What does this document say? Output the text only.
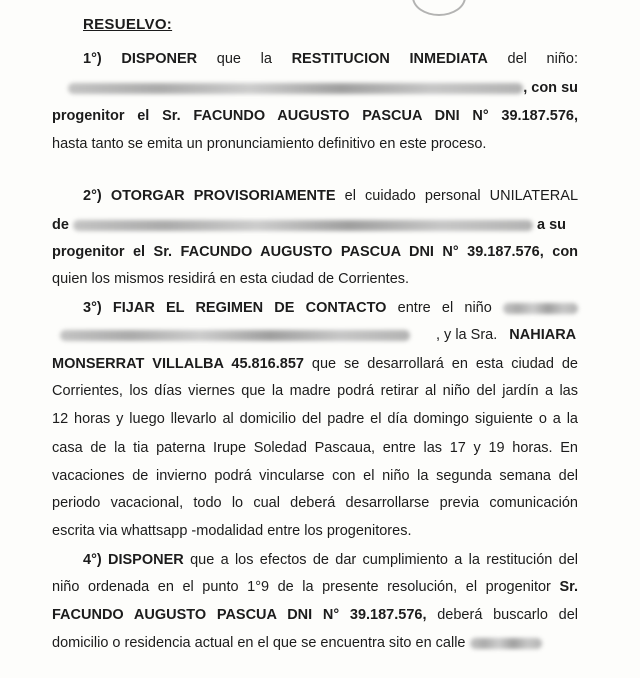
RESUELVO:
1°) DISPONER que la RESTITUCION INMEDIATA del niño:
, con su
progenitor el Sr. FACUNDO AUGUSTO PASCUA DNI N° 39.187.576,
hasta tanto se emita un pronunciamiento definitivo en este proceso.
2°) OTORGAR PROVISORIAMENTE el cuidado personal UNILATERAL
de	a su
progenitor el Sr. FACUNDO AUGUSTO PASCUA DNI N° 39.187.576, con
quien los mismos residirá en esta ciudad de Corrientes.
3°) FIJAR EL REGIMEN DE CONTACTO entre el niño
, y la Sra. NAHIARA
MONSERRAT VILLALBA 45.816.857 que se desarrollará en esta ciudad de
Corrientes, los días viernes que la madre podrá retirar al niño del jardín a las
12 horas y luego llevarlo al domicilio del padre el día domingo siguiente o a la
casa de la tia paterna Irupe Soledad Pascaua, entre las 17 y 19 horas. En
vacaciones de invierno podrá vincularse con el niño la segunda semana del
periodo vacacional, todo lo cual deberá desarrollarse previa comunicación
escrita via whattsapp -modalidad entre los progenitores.
4°) DISPONER que a los efectos de dar cumplimiento a la restitución del
niño ordenada en el punto 1°9 de la presente resolución, el progenitor Sr.
FACUNDO AUGUSTO PASCUA DNI N° 39.187.576, deberá buscarlo del
domicilio o residencia actual en el que se encuentra sito en calle
